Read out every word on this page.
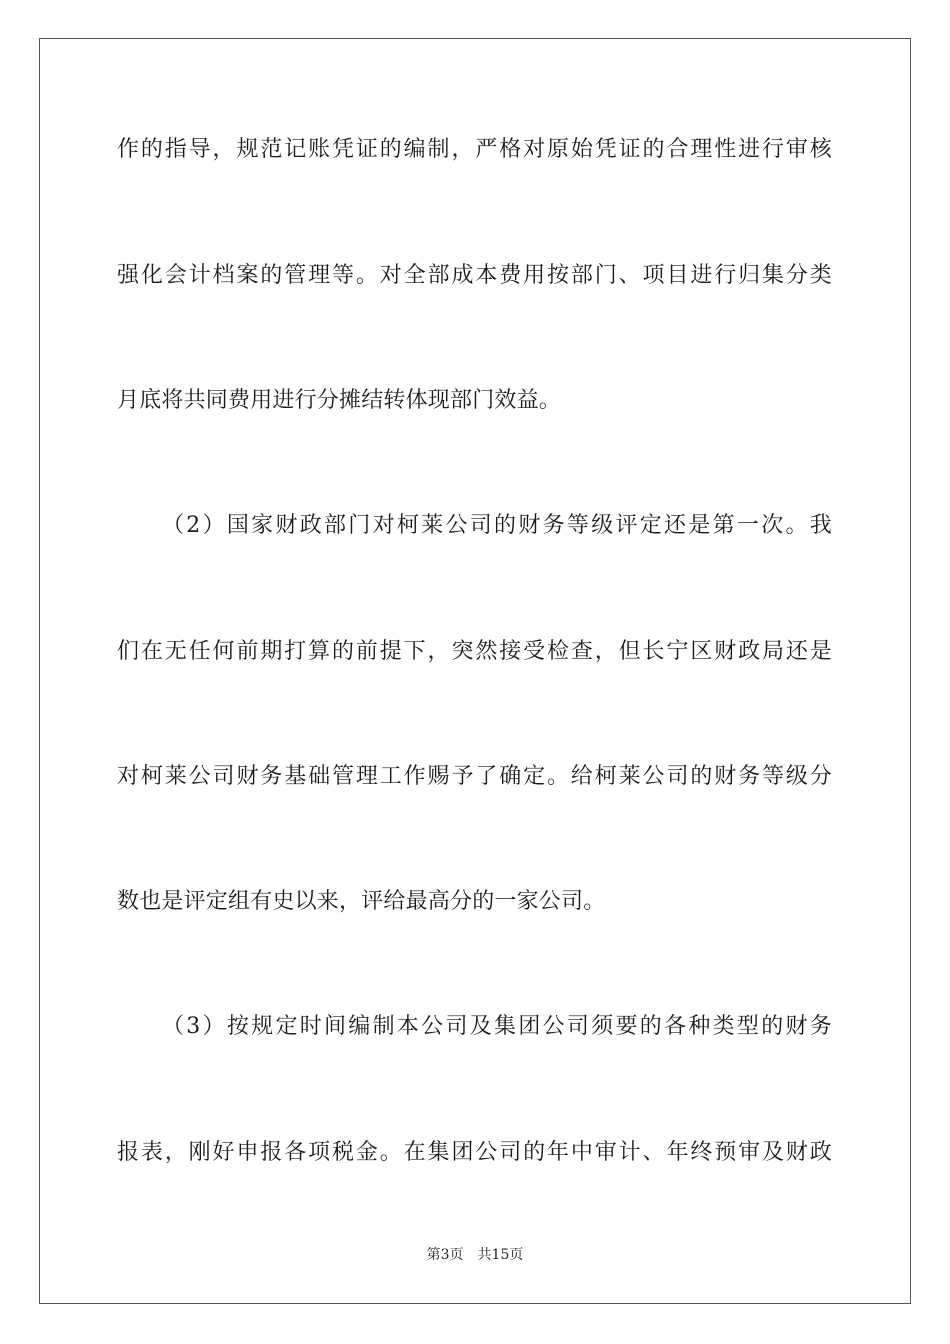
作的指导，规范记账凭证的编制，严格对原始凭证的合理性进行审核
强化会计档案的管理等。对全部成本费用按部门、项目进行归集分类
月底将共同费用进行分摊结转体现部门效益。
（2）国家财政部门对柯莱公司的财务等级评定还是第一次。我
们在无任何前期打算的前提下，突然接受检查，但长宁区财政局还是
对柯莱公司财务基础管理工作赐予了确定。给柯莱公司的财务等级分
数也是评定组有史以来，评给最高分的一家公司。
（3）按规定时间编制本公司及集团公司须要的各种类型的财务
报表，刚好申报各项税金。在集团公司的年中审计、年终预审及财政
第3页 共15页
